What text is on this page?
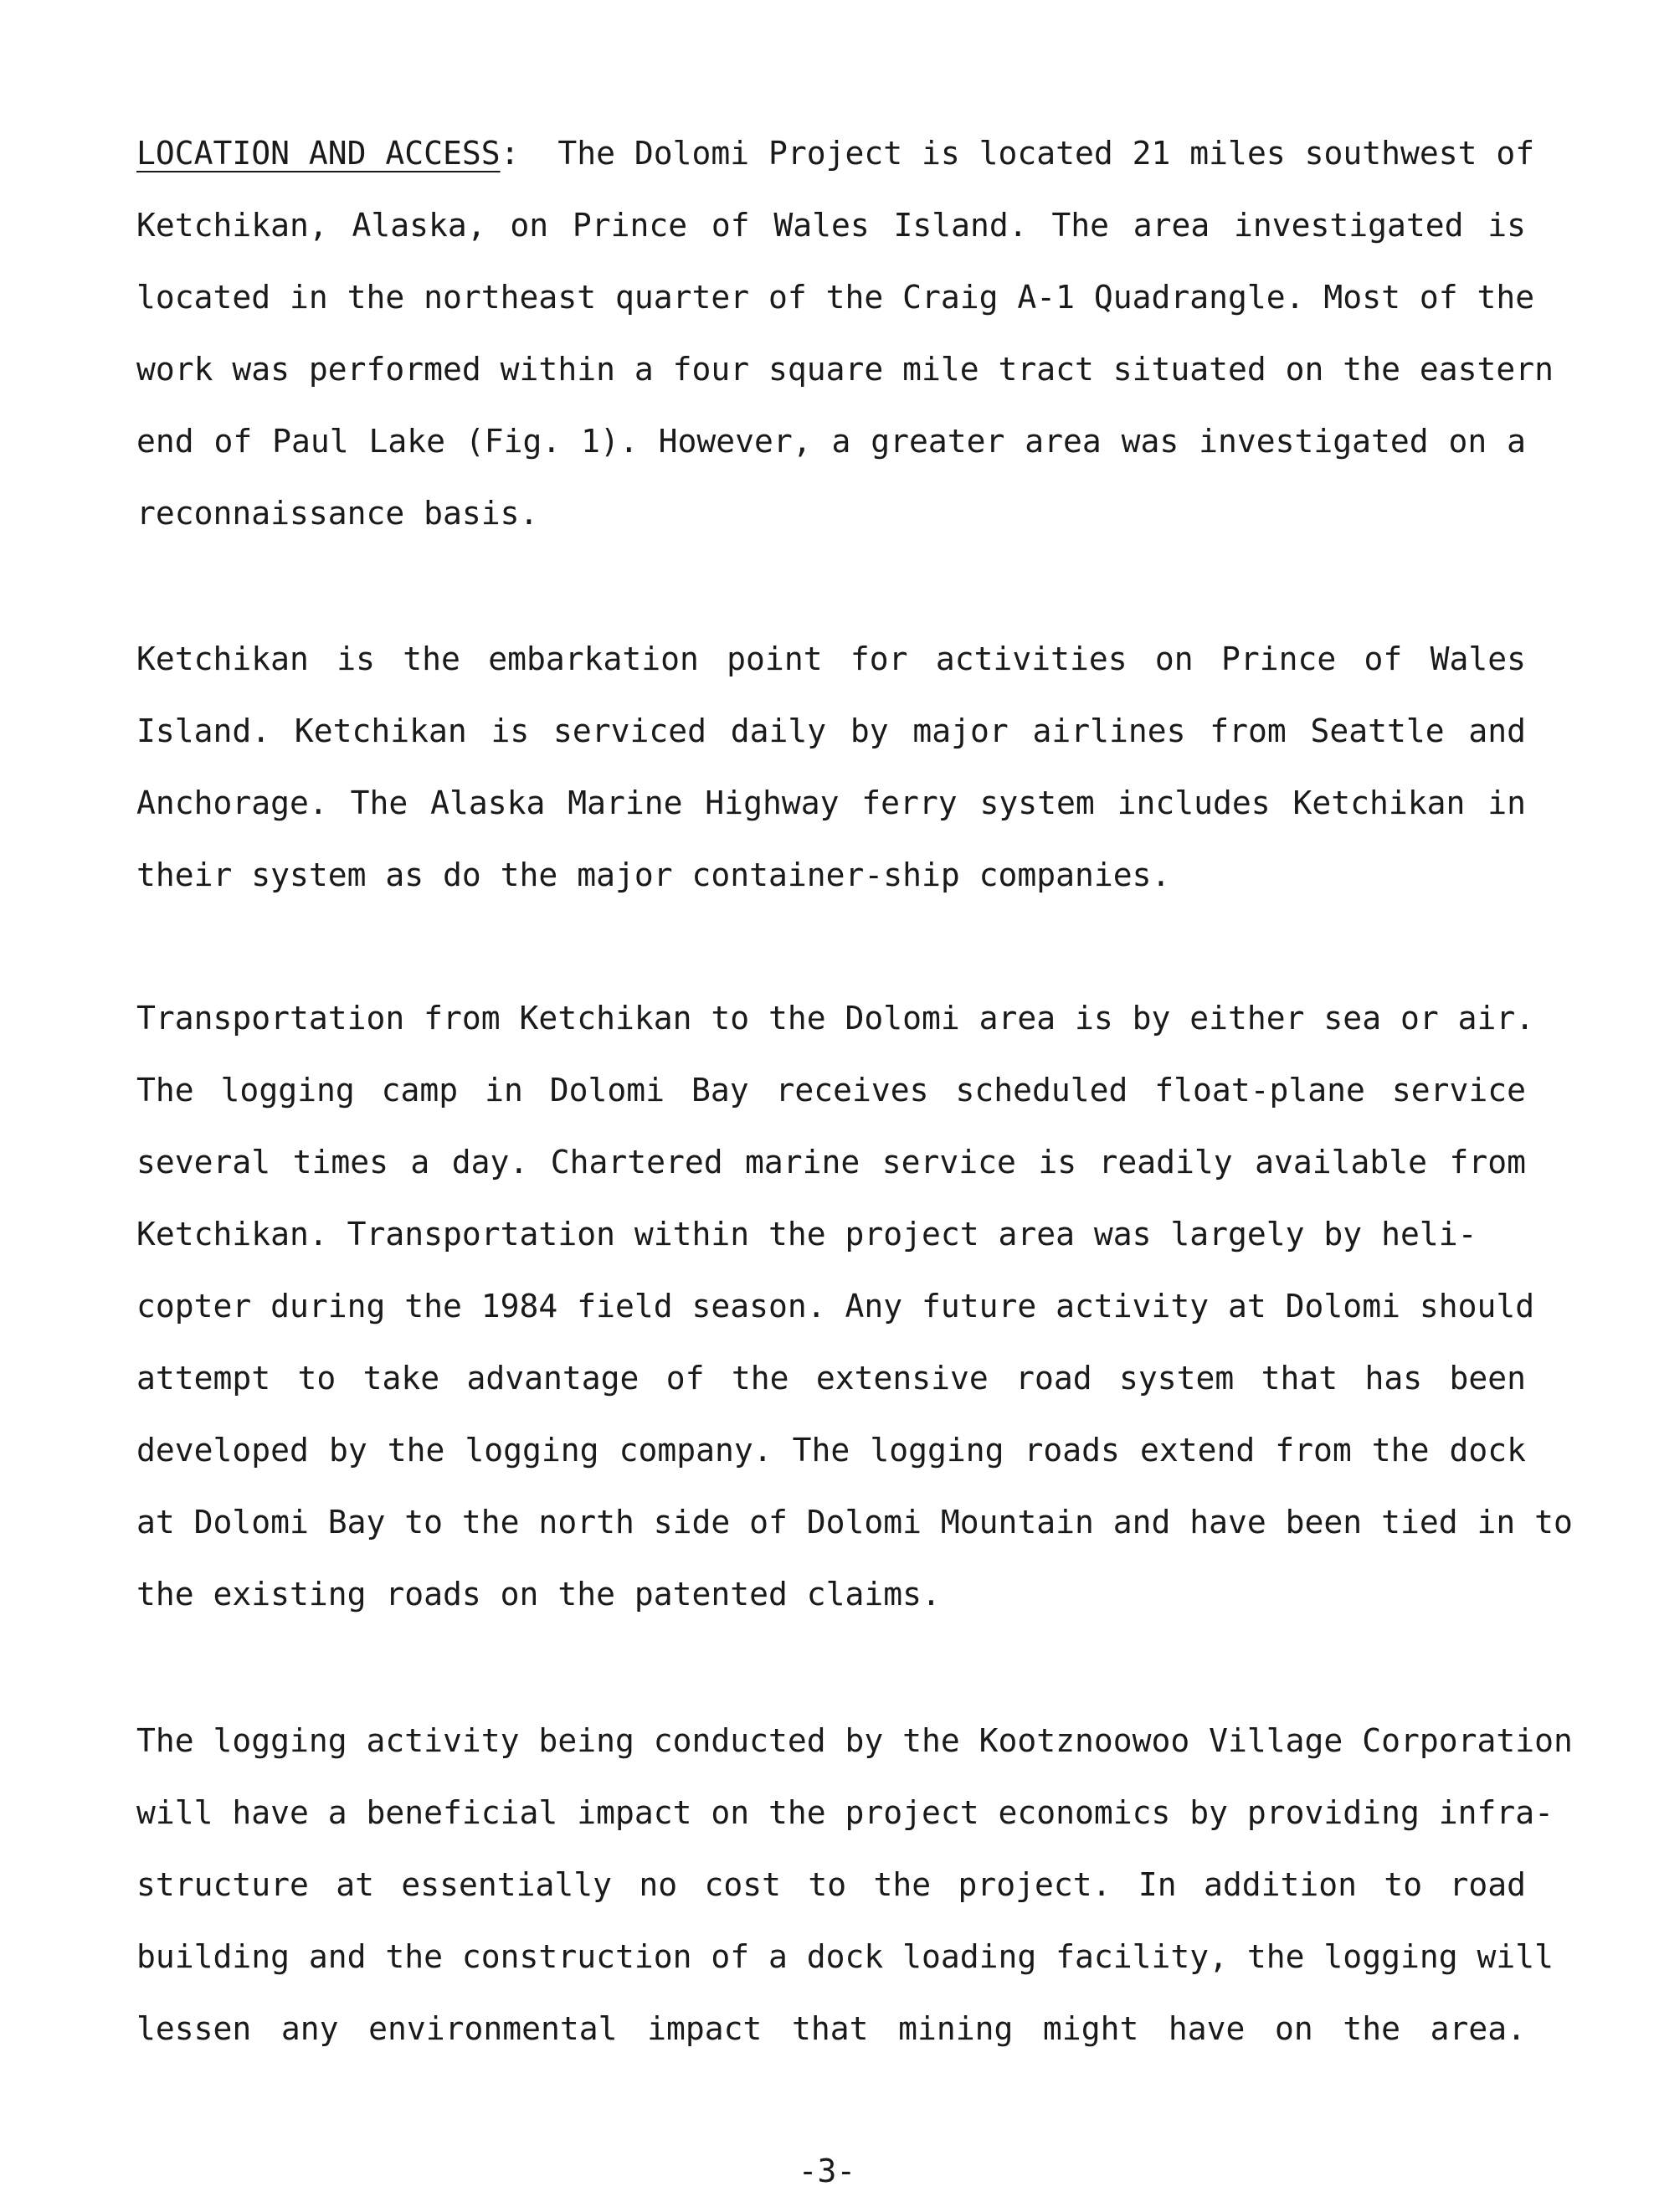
LOCATION AND ACCESS:  The Dolomi Project is located 21 miles southwest of
Ketchikan, Alaska, on Prince of Wales Island. The area investigated is
located in the northeast quarter of the Craig A-1 Quadrangle. Most of the
work was performed within a four square mile tract situated on the eastern
end of Paul Lake (Fig. 1). However, a greater area was investigated on a
reconnaissance basis.
Ketchikan is the embarkation point for activities on Prince of Wales
Island. Ketchikan is serviced daily by major airlines from Seattle and
Anchorage. The Alaska Marine Highway ferry system includes Ketchikan in
their system as do the major container-ship companies.
Transportation from Ketchikan to the Dolomi area is by either sea or air.
The logging camp in Dolomi Bay receives scheduled float-plane service
several times a day. Chartered marine service is readily available from
Ketchikan. Transportation within the project area was largely by heli-
copter during the 1984 field season. Any future activity at Dolomi should
attempt to take advantage of the extensive road system that has been
developed by the logging company. The logging roads extend from the dock
at Dolomi Bay to the north side of Dolomi Mountain and have been tied in to
the existing roads on the patented claims.
The logging activity being conducted by the Kootznoowoo Village Corporation
will have a beneficial impact on the project economics by providing infra-
structure at essentially no cost to the project. In addition to road
building and the construction of a dock loading facility, the logging will
lessen any environmental impact that mining might have on the area.
-3-
